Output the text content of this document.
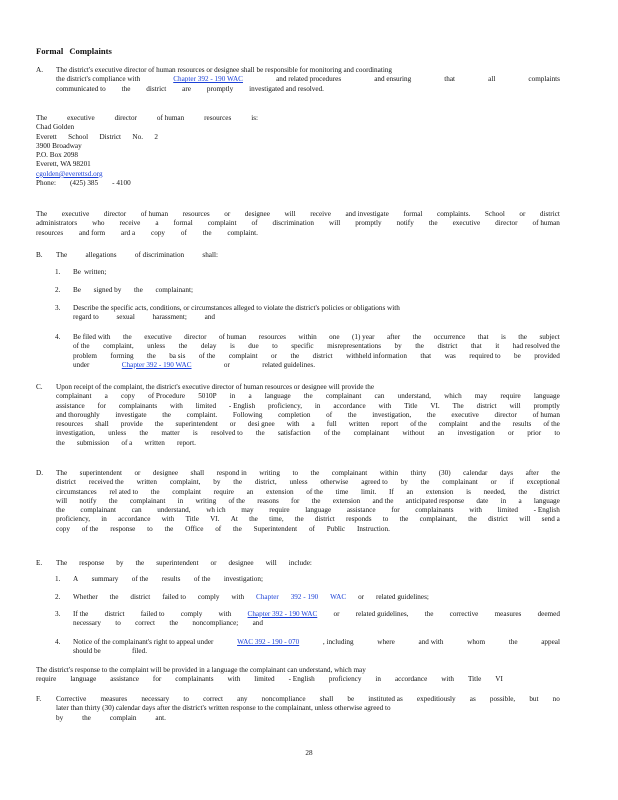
Formal Complaints
A. The district's executive director of human resources or designee shall be responsible for monitoring and coordinating
the district's compliance with	Chapter 392 - 190 WAC	and related procedures	and ensuring	that	all	complaints
communicated to the district are promptly investigated and resolved.
The	executive	director	of human	resources	is:
Chad Golden
Everett School District No. 2
3900 Broadway
P.O. Box 2098
Everett, WA 98201
cgolden@everettsd.org
Phone: (425) 385 - 4100
The executive director of human resources or designee will receive and investigate formal complaints. School or district
administrators who receive a formal complaint of discrimination will promptly notify the executive director of human
resources and form ard a copy of the complaint.
B. The	allegations	of discrimination	shall:
1. Be written;
2. Be signed by the complainant;
3. Describe the specific acts, conditions, or circumstances alleged to violate the district's policies or obligations with
regard to sexual harassment; and
4. Be filed with the executive director of human resources within one (1) year after the occurrence that is the subject
of the complaint, unless the delay is due to specific misrepresentations by the district that it had resolved the
problem forming the ba sis of the complaint or the district withheld information that was required to be provided
under	Chapter 392 - 190 WAC	or	related guidelines.
C. Upon receipt of the complaint, the district's executive director of human resources or designee will provide the
complainant a copy of Procedure 5010P in a language the complainant can understand, which may require language
assistance for complainants with limited - English proficiency, in accordance with Title VI. The district will promptly
and thoroughly investigate the complaint. Following completion of the investigation, the executive director of human
resources shall provide the superintendent or desi gnee with a full written report of the complaint and the results of the
investigation, unless the matter is resolved to the satisfaction of the complainant without an investigation or prior to
the submission of a written report.
D. The superintendent or designee shall respond in writing to the complainant within thirty (30) calendar days after the
district received the written complaint, by the district, unless otherwise agreed to by the complainant or if exceptional
circumstances rel ated to the complaint require an extension of the time limit. If an extension is needed, the district
will notify the complainant in writing of the reasons for the extension and the anticipated response date in a language
the complainant can understand, wh ich may require language assistance for complainants with limited - English
proficiency, in accordance with Title VI. At the time, the district responds to the complainant, the district will send a
copy of the response to the Office of the Superintendent of Public Instruction.
E. The response by the superintendent or designee will include:
1. A summary of the results of the investigation;
2. Whether the district failed to comply with Chapter 392 - 190 WAC or related guidelines;
3. If the district failed to comply with Chapter 392 - 190 WAC or related guidelines, the corrective measures deemed
necessary to correct the noncompliance; and
4. Notice of the complainant's right to appeal under	WAC 392 - 190 - 070	, including	where	and with	whom	the	appeal
should be	filed.
The district's response to the complaint will be provided in a language the complainant can understand, which may
require language assistance for complainants with limited - English proficiency in accordance with Title VI
F. Corrective measures necessary to correct any noncompliance shall be instituted as expeditiously as possible, but no
later than thirty (30) calendar days after the district's written response to the complainant, unless otherwise agreed to
by	the	complain	ant.
28
